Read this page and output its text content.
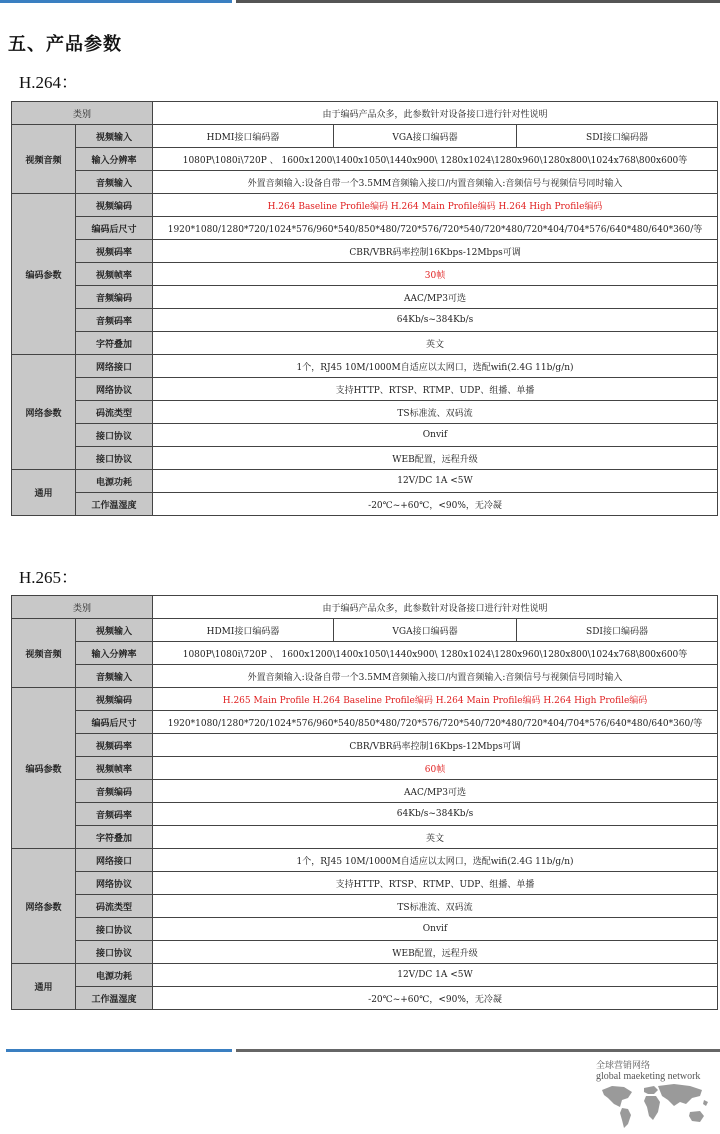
五、产品参数
H.264：
类别		由于编码产品众多，此参数针对设备接口进行针对性说明		
视频音频	视频输入	HDMI接口编码器	VGA接口编码器	SDI接口编码器
	输入分辨率	1080P\1080i\720P 、 1600x1200\1400x1050\1440x900\ 1280x1024\1280x960\1280x800\1024x768\800x600等		
	音频输入	外置音频输入:设备自带一个3.5MM音频输入接口/内置音频输入:音频信号与视频信号同时输入		
编码参数	视频编码	H.264 Baseline Profile编码 H.264 Main Profile编码 H.264 High Profile编码		
	编码后尺寸	1920*1080/1280*720/1024*576/960*540/850*480/720*576/720*540/720*480/720*404/704*576/640*480/640*360/等		
	视频码率	CBR/VBR码率控制16Kbps-12Mbps可调		
	视频帧率	30帧		
	音频编码	AAC/MP3可选		
	音频码率	64Kb/s~384Kb/s		
	字符叠加	英文		
网络参数	网络接口	1个，RJ45 10M/1000M自适应以太网口，选配wifi(2.4G 11b/g/n)		
	网络协议	支持HTTP、RTSP、RTMP、UDP、组播、单播		
	码流类型	TS标准流、双码流		
	接口协议	Onvif		
	接口协议	WEB配置，远程升级		
通用	电源功耗	12V/DC 1A <5W		
	工作温湿度	-20℃~+60℃，<90%，无冷凝		
H.265：
类别		由于编码产品众多，此参数针对设备接口进行针对性说明		
视频音频	视频输入	HDMI接口编码器	VGA接口编码器	SDI接口编码器
	输入分辨率	1080P\1080i\720P 、 1600x1200\1400x1050\1440x900\ 1280x1024\1280x960\1280x800\1024x768\800x600等		
	音频输入	外置音频输入:设备自带一个3.5MM音频输入接口/内置音频输入:音频信号与视频信号同时输入		
编码参数	视频编码	H.265 Main Profile H.264 Baseline Profile编码 H.264 Main Profile编码 H.264 High Profile编码		
	编码后尺寸	1920*1080/1280*720/1024*576/960*540/850*480/720*576/720*540/720*480/720*404/704*576/640*480/640*360/等		
	视频码率	CBR/VBR码率控制16Kbps-12Mbps可调		
	视频帧率	60帧		
	音频编码	AAC/MP3可选		
	音频码率	64Kb/s~384Kb/s		
	字符叠加	英文		
网络参数	网络接口	1个，RJ45 10M/1000M自适应以太网口，选配wifi(2.4G 11b/g/n)		
	网络协议	支持HTTP、RTSP、RTMP、UDP、组播、单播		
	码流类型	TS标准流、双码流		
	接口协议	Onvif		
	接口协议	WEB配置，远程升级		
通用	电源功耗	12V/DC 1A <5W		
	工作温湿度	-20℃~+60℃，<90%，无冷凝		
全球营销网络
global maeketing network
